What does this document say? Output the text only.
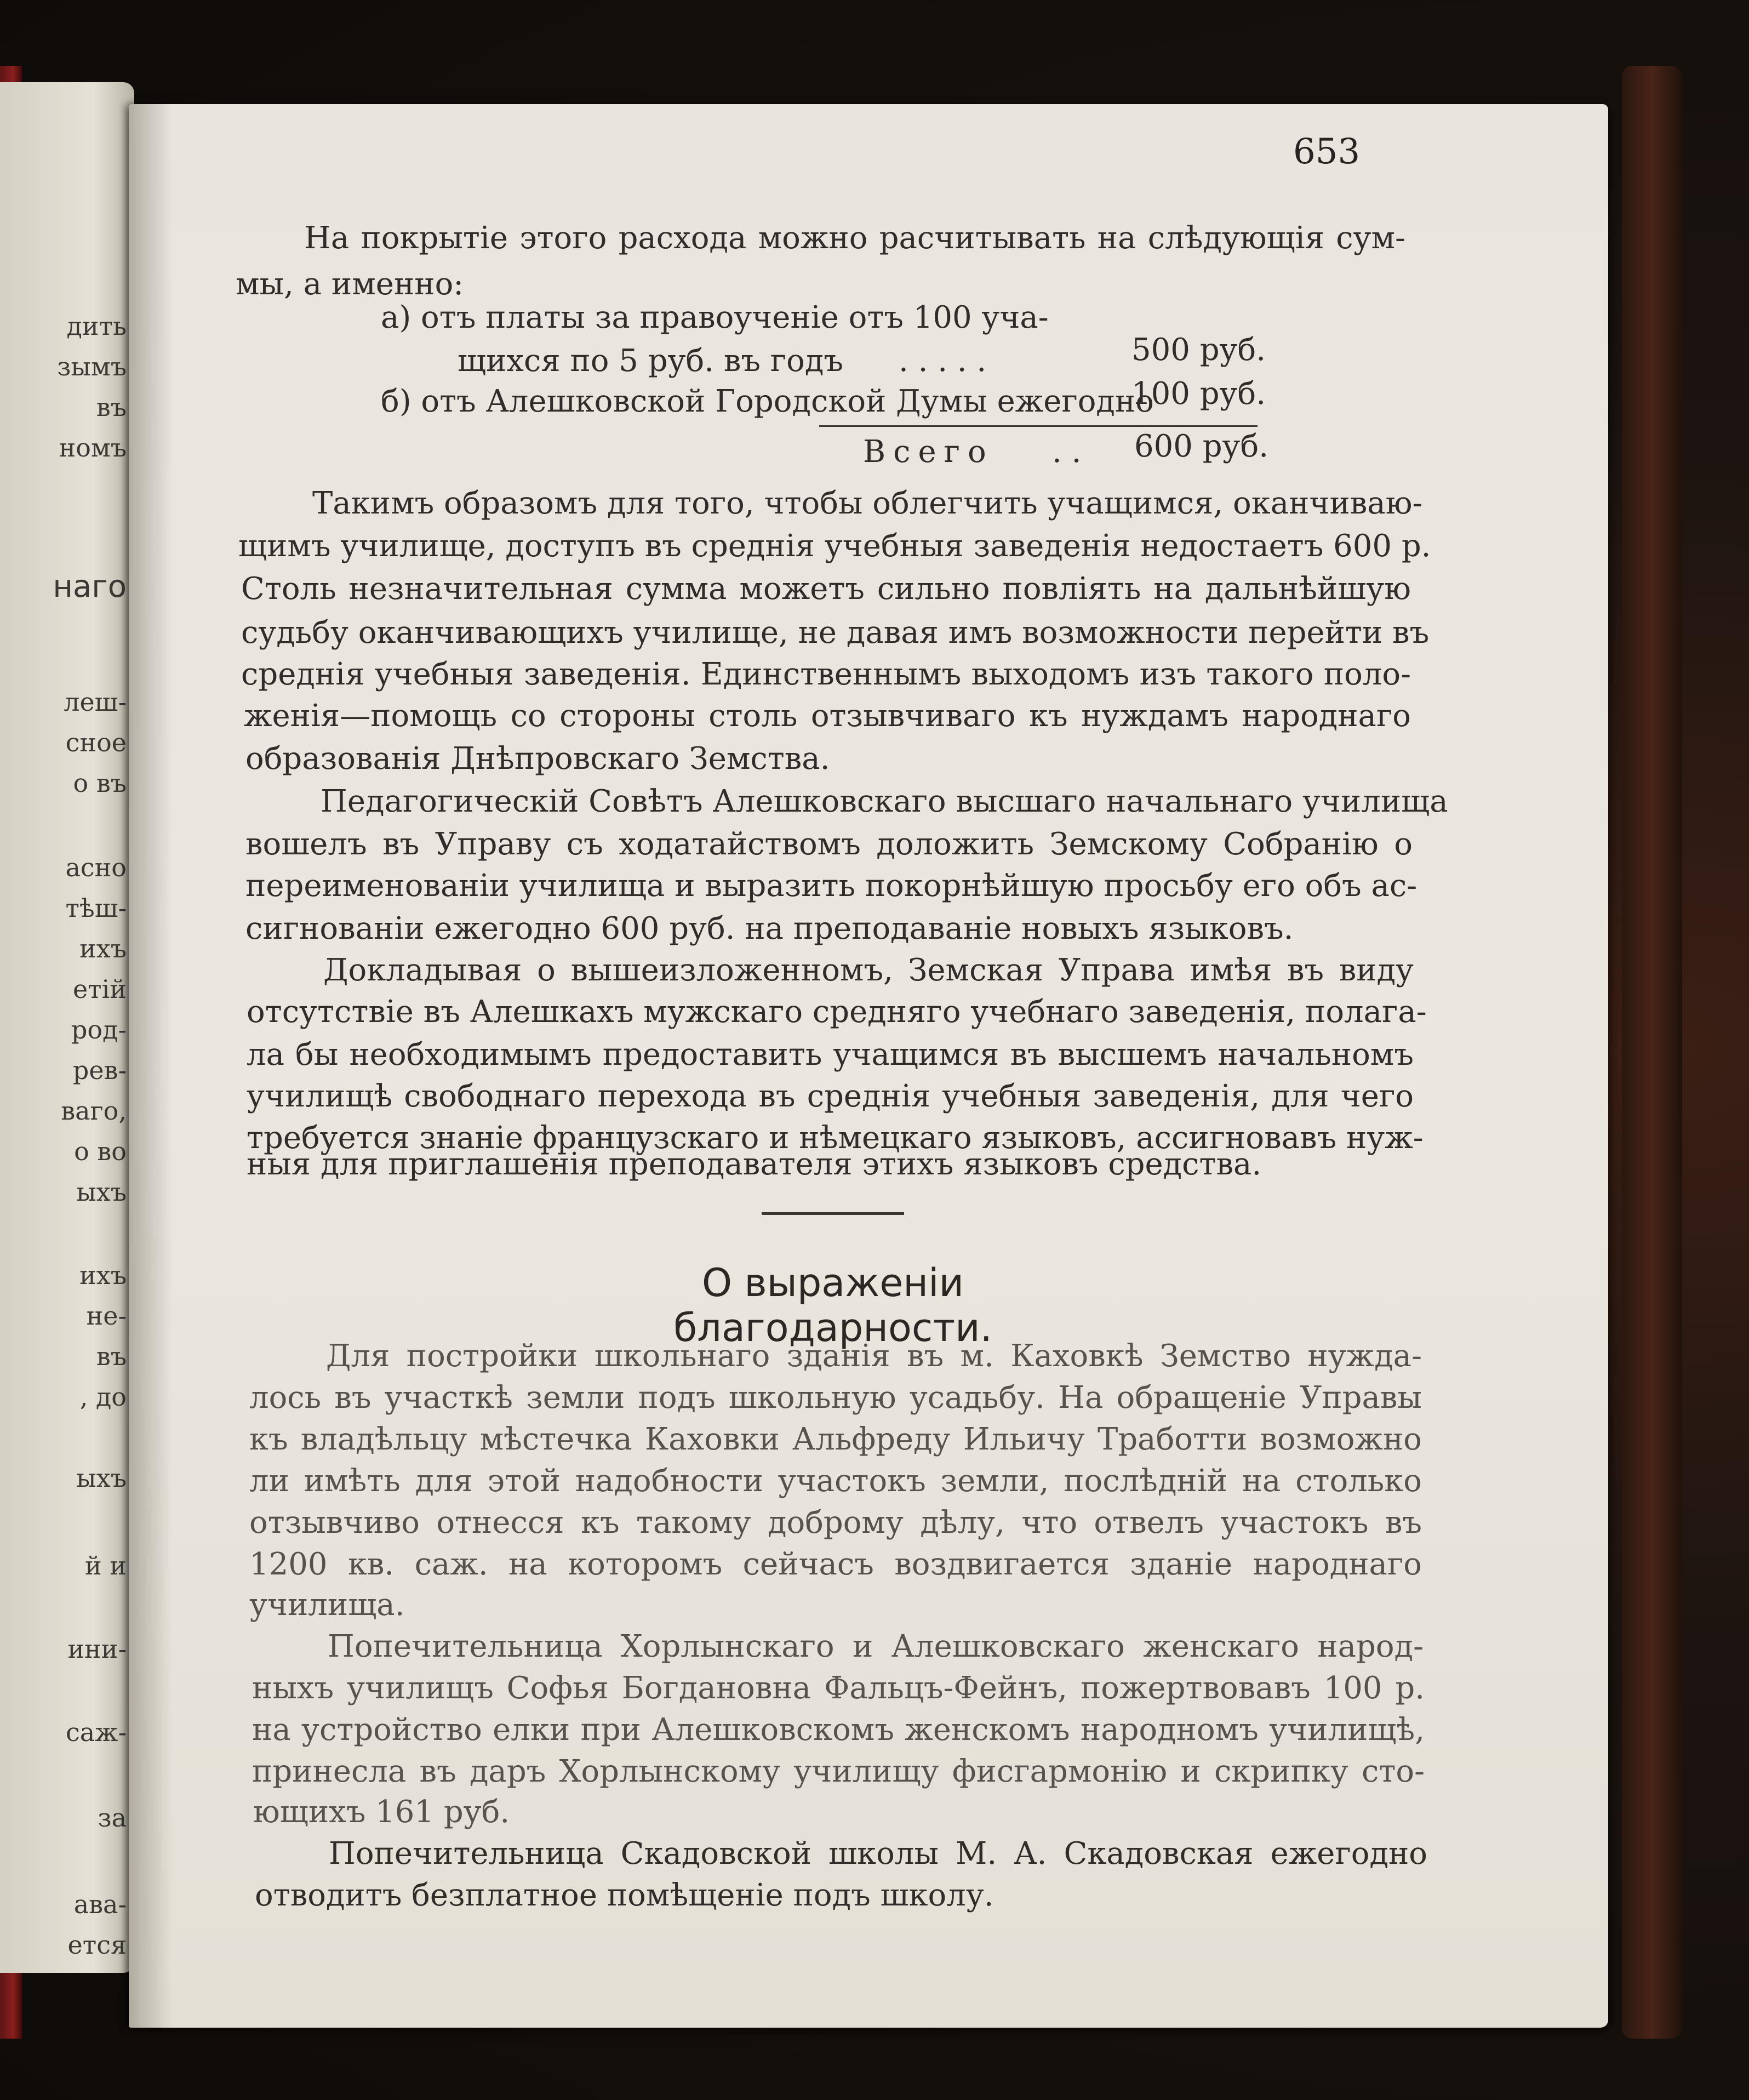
дить
зымъ
въ
номъ
наго
леш-
сное
о въ
асно
тѣш-
ихъ
етій
род-
рев-
ваго,
о во
ыхъ
ихъ
не-
въ
, до
ыхъ
й и
ини-
саж-
за
ава-
ется
653
На покрытіе этого расхода можно расчитывать на слѣдующія сум-
мы, а именно:
а) отъ платы за правоученіе отъ 100 уча-
щихся по 5 руб. въ годъ . . . . .	500 руб.
б) отъ Алешковской Городской Думы ежегодно
100 руб.
Всего . . 600 руб.
Такимъ образомъ для того, чтобы облегчить учащимся, оканчиваю-
щимъ училище, доступъ въ среднія учебныя заведенія недостаетъ 600 р.
Столь незначительная сумма можетъ сильно повліять на дальнѣйшую
судьбу оканчивающихъ училище, не давая имъ возможности перейти въ
среднія учебныя заведенія. Единственнымъ выходомъ изъ такого поло-
женія—помощь со стороны столь отзывчиваго къ нуждамъ народнаго
образованія Днѣпровскаго Земства.
Педагогическій Совѣтъ Алешковскаго высшаго начальнаго училища
вошелъ въ Управу съ ходатайствомъ доложить Земскому Собранію о
переименованіи училища и выразить покорнѣйшую просьбу его объ ас-
сигнованіи ежегодно 600 руб. на преподаваніе новыхъ языковъ.
Докладывая о вышеизложенномъ, Земская Управа имѣя въ виду
отсутствіе въ Алешкахъ мужскаго средняго учебнаго заведенія, полага-
ла бы необходимымъ предоставить учащимся въ высшемъ начальномъ
училищѣ свободнаго перехода въ среднія учебныя заведенія, для чего
требуется знаніе французскаго и нѣмецкаго языковъ, ассигновавъ нуж-
ныя для приглашенія преподавателя этихъ языковъ средства.
О выраженіи благодарности.
Для постройки школьнаго зданія въ м. Каховкѣ Земство нуждa-
лось въ участкѣ земли подъ школьную усадьбу. На обращеніе Управы
къ владѣльцу мѣстечка Каховки Альфреду Ильичу Тработти возможно
ли имѣть для этой надобности участокъ земли, послѣдній на столько
отзывчиво отнесся къ такому доброму дѣлу, что отвелъ участокъ въ
1200 кв. саж. на которомъ сейчасъ воздвигается зданіе народнаго
училища.
Попечительница Хорлынскаго и Алешковскаго женскаго народ-
ныхъ училищъ Софья Богдановна Фальцъ-Фейнъ, пожертвовавъ 100 р.
на устройство елки при Алешковскомъ женскомъ народномъ училищѣ,
принесла въ даръ Хорлынскому училищу фисгармонію и скрипку сто-
ющихъ 161 руб.
Попечительница Скадовской школы М. А. Скадовская ежегодно
отводитъ безплатное помѣщеніе подъ школу.
